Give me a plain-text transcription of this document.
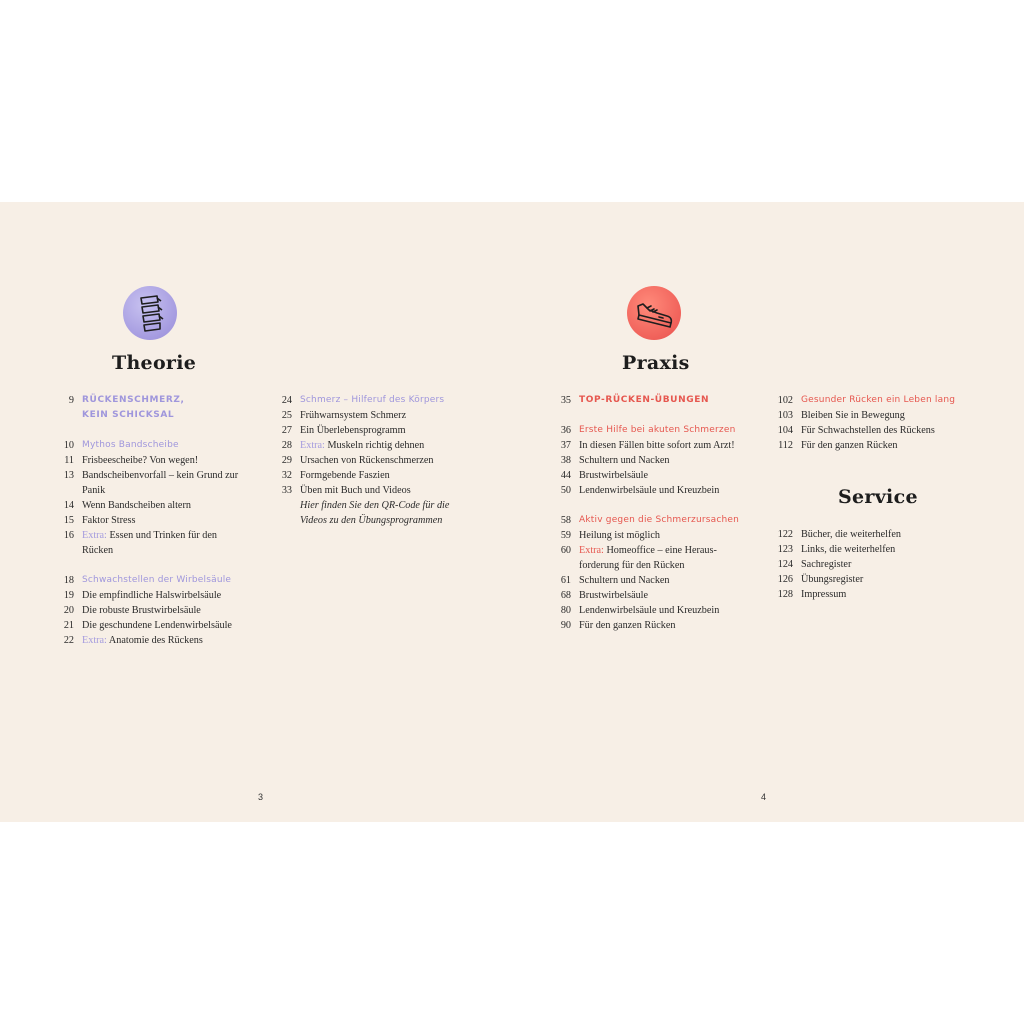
Theorie
9 RÜCKENSCHMERZ,
KEIN SCHICKSAL
10 Mythos Bandscheibe
11 Frisbeescheibe? Von wegen!
13 Bandscheibenvorfall – kein Grund zur
Panik
14 Wenn Bandscheiben altern
15 Faktor Stress
16 Extra: Essen und Trinken für den
Rücken
18 Schwachstellen der Wirbelsäule
19 Die empfindliche Halswirbelsäule
20 Die robuste Brustwirbelsäule
21 Die geschundene Lendenwirbelsäule
22 Extra: Anatomie des Rückens
24 Schmerz – Hilferuf des Körpers
25 Frühwarnsystem Schmerz
27 Ein Überlebensprogramm
28 Extra: Muskeln richtig dehnen
29 Ursachen von Rückenschmerzen
32 Formgebende Faszien
33 Üben mit Buch und Videos
Hier finden Sie den QR-Code für die
Videos zu den Übungsprogrammen
3
Praxis
35 TOP-RÜCKEN-ÜBUNGEN
36 Erste Hilfe bei akuten Schmerzen
37 In diesen Fällen bitte sofort zum Arzt!
38 Schultern und Nacken
44 Brustwirbelsäule
50 Lendenwirbelsäule und Kreuzbein
58 Aktiv gegen die Schmerzursachen
59 Heilung ist möglich
60 Extra: Homeoffice – eine Heraus-
forderung für den Rücken
61 Schultern und Nacken
68 Brustwirbelsäule
80 Lendenwirbelsäule und Kreuzbein
90 Für den ganzen Rücken
102 Gesunder Rücken ein Leben lang
103 Bleiben Sie in Bewegung
104 Für Schwachstellen des Rückens
112 Für den ganzen Rücken
Service
122 Bücher, die weiterhelfen
123 Links, die weiterhelfen
124 Sachregister
126 Übungsregister
128 Impressum
4
